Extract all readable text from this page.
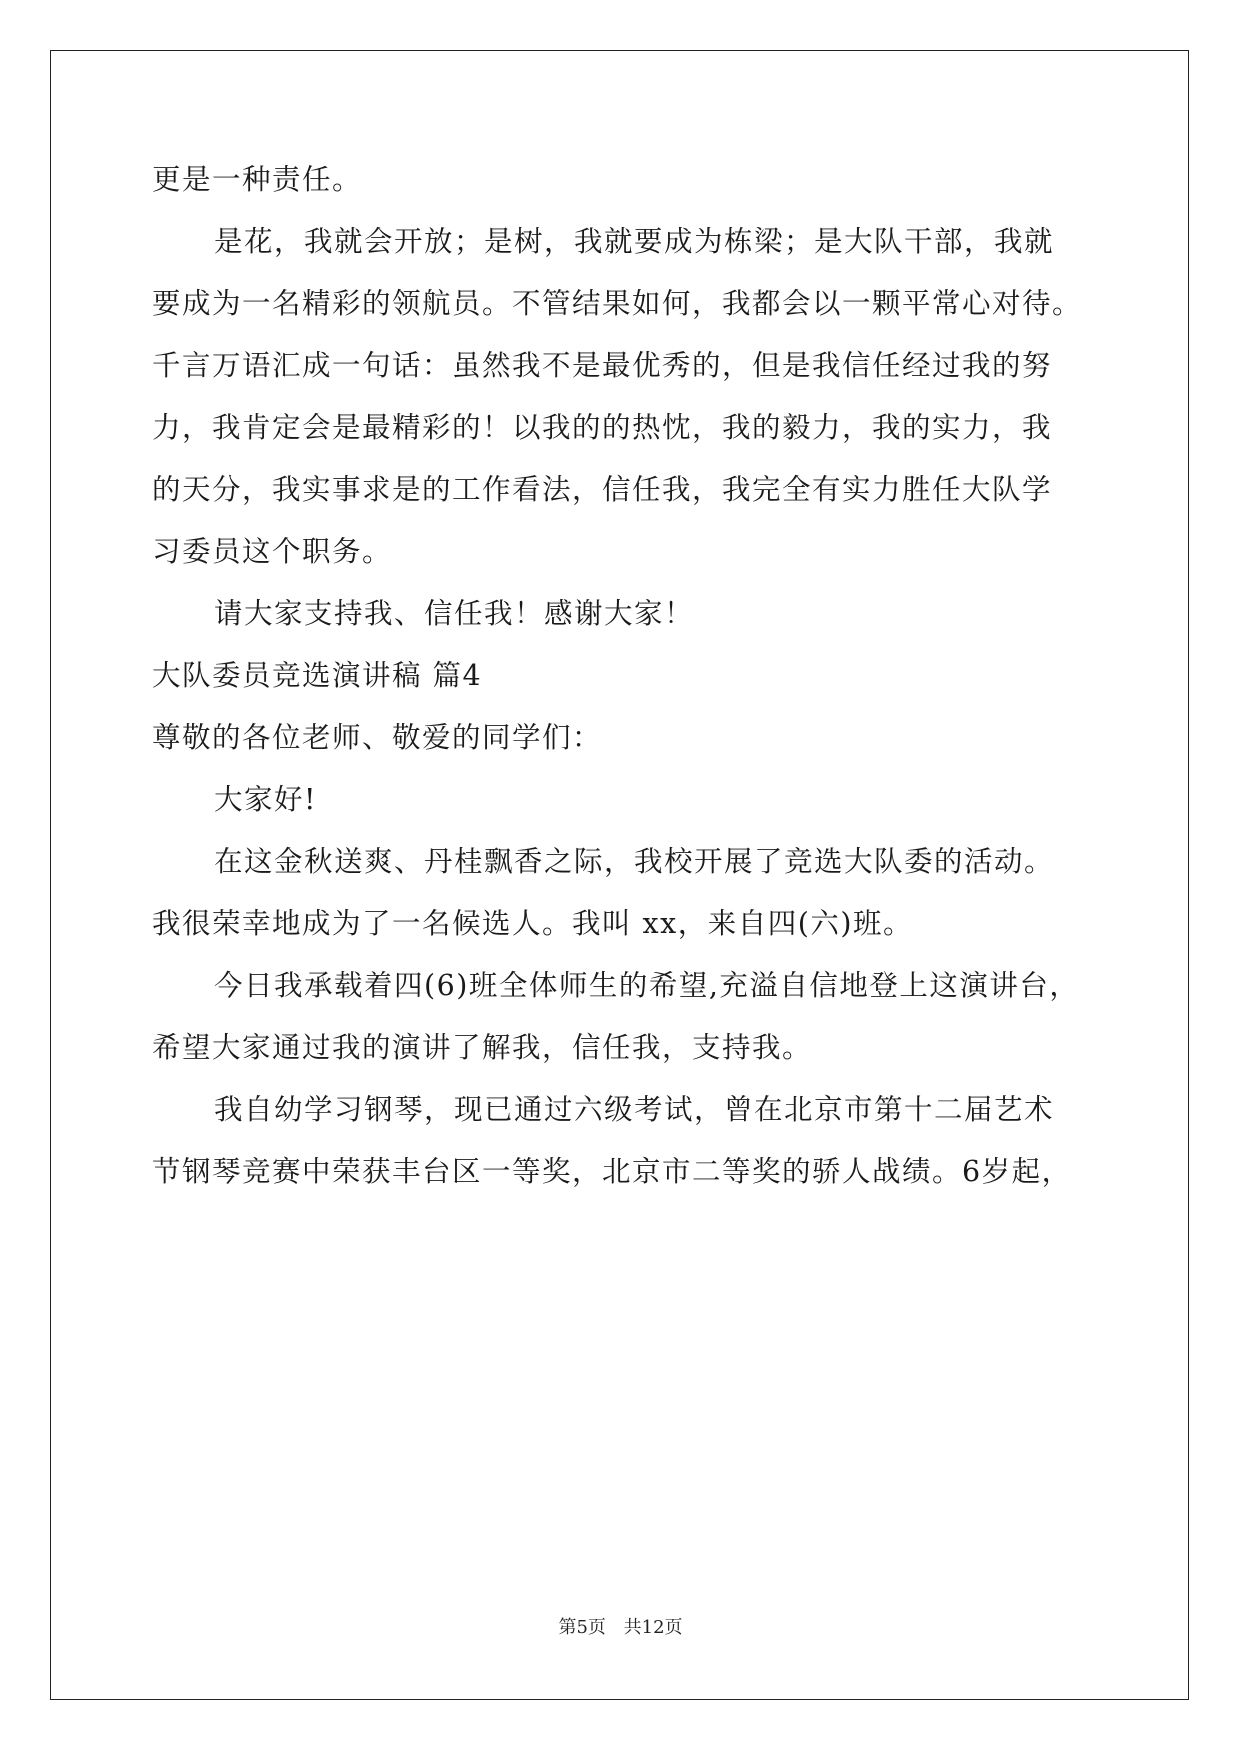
更是一种责任。
是花，我就会开放；是树，我就要成为栋梁；是大队干部，我就
要成为一名精彩的领航员。不管结果如何，我都会以一颗平常心对待。
千言万语汇成一句话：虽然我不是最优秀的，但是我信任经过我的努
力，我肯定会是最精彩的！以我的的热忱，我的毅力，我的实力，我
的天分，我实事求是的工作看法，信任我，我完全有实力胜任大队学
习委员这个职务。
请大家支持我、信任我！感谢大家！
大队委员竞选演讲稿 篇4
尊敬的各位老师、敬爱的同学们：
大家好!
在这金秋送爽、丹桂飘香之际，我校开展了竞选大队委的活动。
我很荣幸地成为了一名候选人。我叫 xx，来自四(六)班。
今日我承载着四(6)班全体师生的希望,充溢自信地登上这演讲台，
希望大家通过我的演讲了解我，信任我，支持我。
我自幼学习钢琴，现已通过六级考试，曾在北京市第十二届艺术
节钢琴竞赛中荣获丰台区一等奖，北京市二等奖的骄人战绩。6岁起，
第5页 共12页
